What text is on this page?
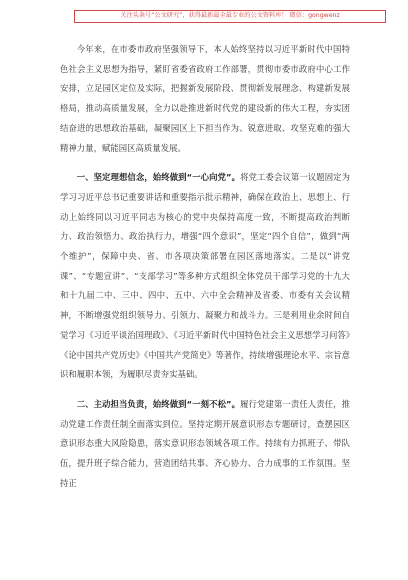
关注头条号“公文研究”，获得最新最全最专业的公文资料库！ 微信：gongwenz

今年来，在市委市政府坚强领导下，本人始终坚持以习近平新时代中国特色社会主义思想为指导，紧盯省委省政府工作部署，贯彻市委市政府中心工作安排，立足园区定位及实际，把握新发展阶段、贯彻新发展理念、构建新发展格局，推动高质量发展，全力以赴推进新时代党的建设新的伟大工程，夯实团结奋进的思想政治基础，凝聚园区上下担当作为、锐意进取、攻坚克难的强大精神力量，赋能园区高质量发展。

一、坚定理想信念，始终做到“一心向党”。将党工委会议第一议题固定为学习习近平总书记重要讲话和重要指示批示精神，确保在政治上、思想上、行动上始终同以习近平同志为核心的党中央保持高度一致，不断提高政治判断力、政治领悟力、政治执行力，增强“四个意识”，坚定“四个自信”，做到“两个维护”，保障中央、省、市各项决策部署在园区落地落实。二是以“讲党课”、“专题宣讲”、“支部学习”等多种方式组织全体党员干部学习党的十九大和十九届二中、三中、四中、五中、六中全会精神及省委、市委有关会议精神，不断增强党组织领导力、引领力、凝聚力和战斗力。三是利用业余时间自觉学习《习近平谈治国理政》、《习近平新时代中国特色社会主义思想学习问答》《论中国共产党历史》《中国共产党简史》等著作，持续增强理论水平、宗旨意识和履职本领，为履职尽责夯实基础。

二、主动担当负责，始终做到“一刻不松”。履行党建第一责任人责任，推动党建工作责任制全面落实到位。坚持定期开展意识形态专题研讨，查摆园区意识形态重大风险隐患，落实意识形态领域各项工作。持续有力抓班子、带队伍，提升班子综合能力，营造团结共事、齐心协力、合力成事的工作氛围。坚持正
